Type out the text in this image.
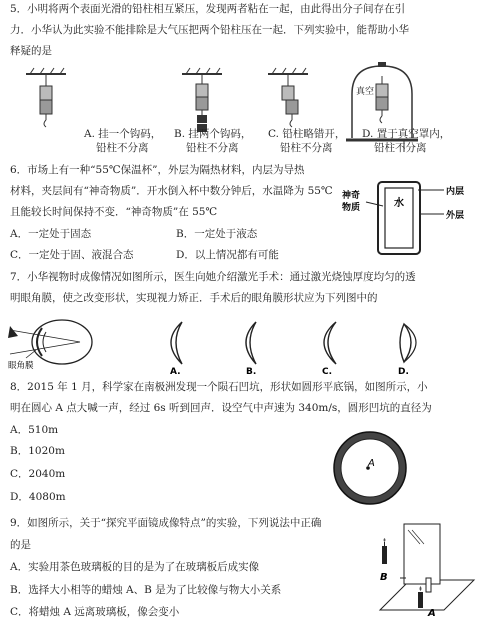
5．小明将两个表面光滑的铅柱相互紧压，发现两者粘在一起，由此得出分子间存在引
力．小华认为此实验不能排除是大气压把两个铅柱压在一起．下列实验中，能帮助小华
释疑的是
真空
A. 挂一个钩码，
铅柱不分离
B. 挂两个钩码，
铅柱不分离
C. 铅柱略错开，
铅柱不分离
D. 置于真空罩内，
铅柱不分离
6．市场上有一种“55℃保温杯”，外层为隔热材料，内层为导热
材料，夹层间有“神奇物质”．开水倒入杯中数分钟后，水温降为 55℃
且能较长时间保持不变．“神奇物质”在 55℃
A．一定处于固态	B．一定处于液态
C．一定处于固、液混合态	D．以上情况都有可能
水
神奇
物质
内层
外层
7．小华视物时成像情况如图所示，医生向她介绍激光手术：通过激光烧蚀厚度均匀的透
明眼角膜，使之改变形状，实现视力矫正．手术后的眼角膜形状应为下列图中的
眼角膜
A.	B.	C.	D.
8．2015 年 1 月，科学家在南极洲发现一个陨石凹坑，形状如圆形平底锅，如图所示，小
明在圆心 A 点大喊一声，经过 6s 听到回声．设空气中声速为 340m/s，圆形凹坑的直径为
A．510m
B．1020m
C．2040m
D．4080m
A
9．如图所示，关于“探究平面镜成像特点”的实验，下列说法中正确
的是
A．实验用茶色玻璃板的目的是为了在玻璃板后成实像
B．选择大小相等的蜡烛 A、B 是为了比较像与物大小关系
C．将蜡烛 A 远离玻璃板，像会变小
B
A
